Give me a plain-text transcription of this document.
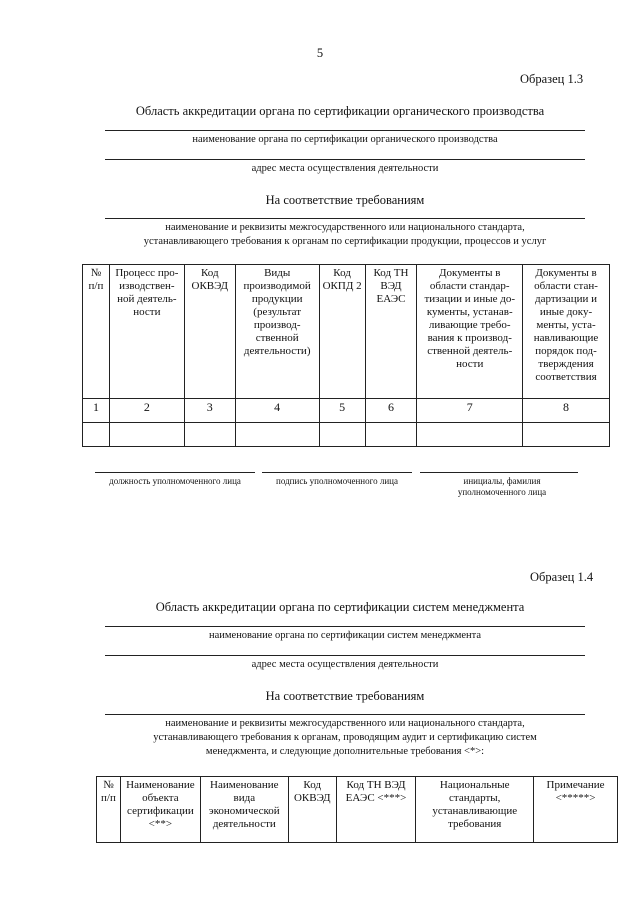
5
Образец 1.3
Область аккредитации органа по сертификации органического производства
наименование органа по сертификации органического производства
адрес места осуществления деятельности
На соответствие требованиям
наименование и реквизиты межгосударственного или национального стандарта,
устанавливающего требования к органам по сертификации продукции, процессов и услуг
№ п/п	Процесс про- изводствен- ной деятель- ности	Код ОКВЭД	Виды производимой продукции (результат производ- ственной деятельности)	Код ОКПД 2	Код ТН ВЭД ЕАЭС	Документы в области стандар- тизации и иные до- кументы, устанав- ливающие требо- вания к производ- ственной деятель- ности	Документы в области стан- дартизации и иные доку- менты, уста- навливающие порядок под- тверждения соответствия
1	2	3	4	5	6	7	8

должность уполномоченного лица	подпись уполномоченного лица	инициалы, фамилия уполномоченного лица
Образец 1.4
Область аккредитации органа по сертификации систем менеджмента
наименование органа по сертификации систем менеджмента
адрес места осуществления деятельности
На соответствие требованиям
наименование и реквизиты межгосударственного или национального стандарта,
устанавливающего требования к органам, проводящим аудит и сертификацию систем
менеджмента, и следующие дополнительные требования <*>:
№ п/п	Наименование объекта сертификации <**>	Наименование вида экономической деятельности	Код ОКВЭД	Код ТН ВЭД ЕАЭС <***>	Национальные стандарты, устанавливающие требования	Примечание <*****>
